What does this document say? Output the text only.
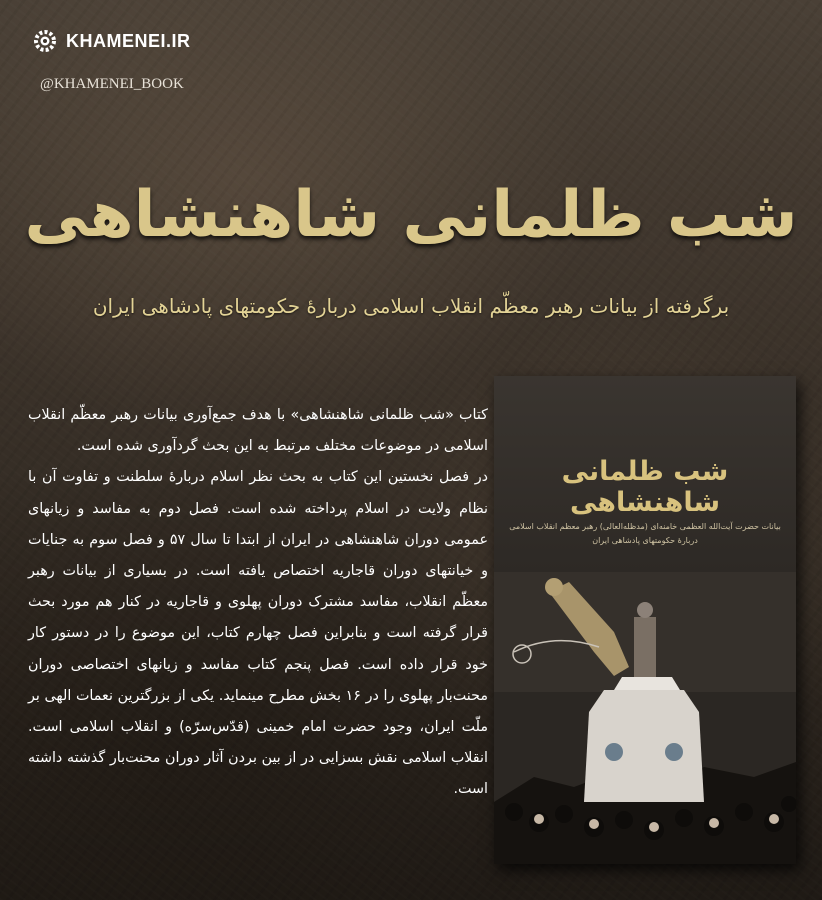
KHAMENEI.IR
@KHAMENEI_BOOK
شب ظلمانی شاهنشاهی
برگرفته از بیانات رهبر معظّم انقلاب اسلامی دربارۀ حکومتهای پادشاهی ایران

کتاب «شب ظلمانی شاهنشاهی» با هدف جمع‌آوری بیانات رهبر معظّم انقلاب اسلامی در موضوعات مختلف مرتبط به این بحث گردآوری شده است.

در فصل نخستین این کتاب به بحث نظر اسلام دربارۀ سلطنت و تفاوت آن با نظام ولایت در اسلام پرداخته شده است. فصل دوم به مفاسد و زیانهای عمومی دوران شاهنشاهی در ایران از ابتدا تا سال ۵۷ و فصل سوم به جنایات و خیانتهای دوران قاجاریه اختصاص یافته است. در بسیاری از بیانات رهبر معظّم انقلاب، مفاسد مشترک دوران پهلوی و قاجاریه در کنار هم مورد بحث قرار گرفته است و بنابراین فصل چهارم کتاب، این موضوع را در دستور کار خود قرار داده است. فصل پنجم کتاب مفاسد و زیانهای اختصاصی دوران محنت‌بار پهلوی را در ۱۶ بخش مطرح مینماید. یکی از بزرگترین نعمات الهی بر ملّت ایران، وجود حضرت امام خمینی (قدّس‌سرّه) و انقلاب اسلامی است. انقلاب اسلامی نقش بسزایی در از بین بردن آثار دوران محنت‌بار گذشته داشته است.

شب ظلمانی شاهنشاهی
بیانات حضرت آیت‌الله العظمی خامنه‌ای (مدظله‌العالی) رهبر معظم انقلاب اسلامی
دربارۀ حکومتهای پادشاهی ایران
